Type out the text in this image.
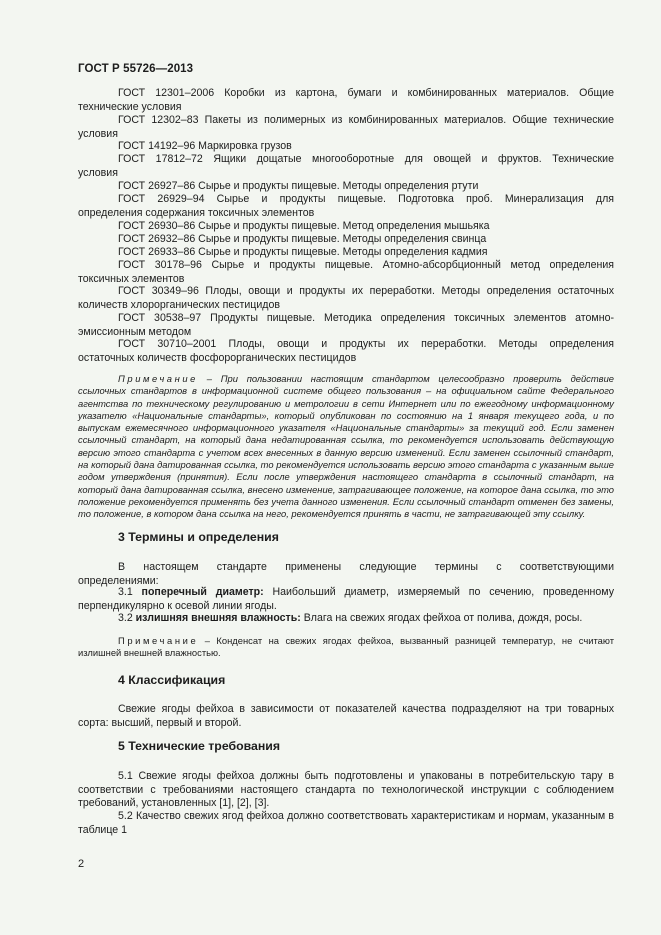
ГОСТ Р 55726—2013
ГОСТ 12301–2006 Коробки из картона, бумаги и комбинированных материалов. Общие
технические условия
ГОСТ 12302–83 Пакеты из полимерных из комбинированных материалов. Общие технические
условия
ГОСТ 14192–96 Маркировка грузов
ГОСТ 17812–72 Ящики дощатые многооборотные для овощей и фруктов. Технические
условия
ГОСТ 26927–86 Сырье и продукты пищевые. Методы определения ртути
ГОСТ 26929–94 Сырье и продукты пищевые. Подготовка проб. Минерализация для
определения содержания токсичных элементов
ГОСТ 26930–86 Сырье и продукты пищевые. Метод определения мышьяка
ГОСТ 26932–86 Сырье и продукты пищевые. Методы определения свинца
ГОСТ 26933–86 Сырье и продукты пищевые. Методы определения кадмия
ГОСТ 30178–96 Сырье и продукты пищевые. Атомно-абсорбционный метод определения
токсичных элементов
ГОСТ 30349–96 Плоды, овощи и продукты их переработки. Методы определения остаточных
количеств хлорорганических пестицидов
ГОСТ 30538–97 Продукты пищевые. Методика определения токсичных элементов атомно-
эмиссионным методом
ГОСТ 30710–2001 Плоды, овощи и продукты их переработки. Методы определения
остаточных количеств фосфорорганических пестицидов
Примечание – При пользовании настоящим стандартом целесообразно проверить действие ссылочных стандартов в информационной системе общего пользования – на официальном сайте Федерального агентства по техническому регулированию и метрологии в сети Интернет или по ежегодному информационному указателю «Национальные стандарты», который опубликован по состоянию на 1 января текущего года, и по выпускам ежемесячного информационного указателя «Национальные стандарты» за текущий год. Если заменен ссылочный стандарт, на который дана недатированная ссылка, то рекомендуется использовать действующую версию этого стандарта с учетом всех внесенных в данную версию изменений. Если заменен ссылочный стандарт, на который дана датированная ссылка, то рекомендуется использовать версию этого стандарта с указанным выше годом утверждения (принятия). Если после утверждения настоящего стандарта в ссылочный стандарт, на который дана датированная ссылка, внесено изменение, затрагивающее положение, на которое дана ссылка, то это положение рекомендуется применять без учета данного изменения. Если ссылочный стандарт отменен без замены, то положение, в котором дана ссылка на него, рекомендуется принять в части, не затрагивающей эту ссылку.
3 Термины и определения
В настоящем стандарте применены следующие термины с соответствующими
определениями:
3.1 поперечный диаметр: Наибольший диаметр, измеряемый по сечению, проведенному перпендикулярно к осевой линии ягоды.
3.2 излишняя внешняя влажность: Влага на свежих ягодах фейхоа от полива, дождя, росы.
Примечание – Конденсат на свежих ягодах фейхоа, вызванный разницей температур, не считают излишней внешней влажностью.
4 Классификация
Свежие ягоды фейхоа в зависимости от показателей качества подразделяют на три товарных сорта: высший, первый и второй.
5 Технические требования
5.1 Свежие ягоды фейхоа должны быть подготовлены и упакованы в потребительскую тару в соответствии с требованиями настоящего стандарта по технологической инструкции с соблюдением требований, установленных [1], [2], [3].
5.2 Качество свежих ягод фейхоа должно соответствовать характеристикам и нормам, указанным в таблице 1
2
